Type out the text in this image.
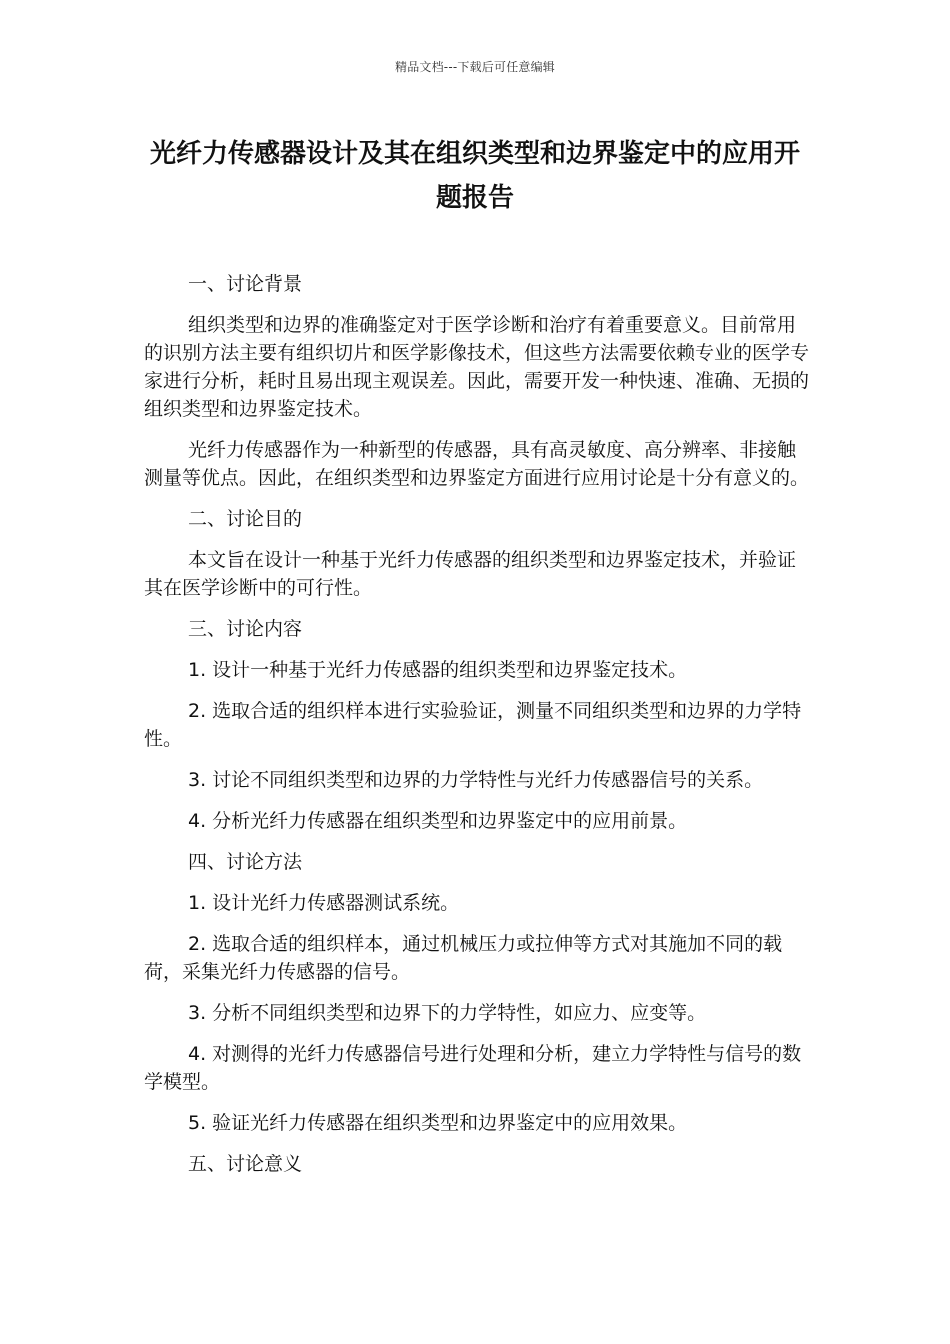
精品文档---下载后可任意编辑
光纤力传感器设计及其在组织类型和边界鉴定中的应用开题报告

一、讨论背景

组织类型和边界的准确鉴定对于医学诊断和治疗有着重要意义。目前常用的识别方法主要有组织切片和医学影像技术，但这些方法需要依赖专业的医学专家进行分析，耗时且易出现主观误差。因此，需要开发一种快速、准确、无损的组织类型和边界鉴定技术。

光纤力传感器作为一种新型的传感器，具有高灵敏度、高分辨率、非接触测量等优点。因此，在组织类型和边界鉴定方面进行应用讨论是十分有意义的。

二、讨论目的

本文旨在设计一种基于光纤力传感器的组织类型和边界鉴定技术，并验证其在医学诊断中的可行性。

三、讨论内容

1. 设计一种基于光纤力传感器的组织类型和边界鉴定技术。

2. 选取合适的组织样本进行实验验证，测量不同组织类型和边界的力学特性。

3. 讨论不同组织类型和边界的力学特性与光纤力传感器信号的关系。

4. 分析光纤力传感器在组织类型和边界鉴定中的应用前景。

四、讨论方法

1. 设计光纤力传感器测试系统。

2. 选取合适的组织样本，通过机械压力或拉伸等方式对其施加不同的载荷，采集光纤力传感器的信号。

3. 分析不同组织类型和边界下的力学特性，如应力、应变等。

4. 对测得的光纤力传感器信号进行处理和分析，建立力学特性与信号的数学模型。

5. 验证光纤力传感器在组织类型和边界鉴定中的应用效果。

五、讨论意义
